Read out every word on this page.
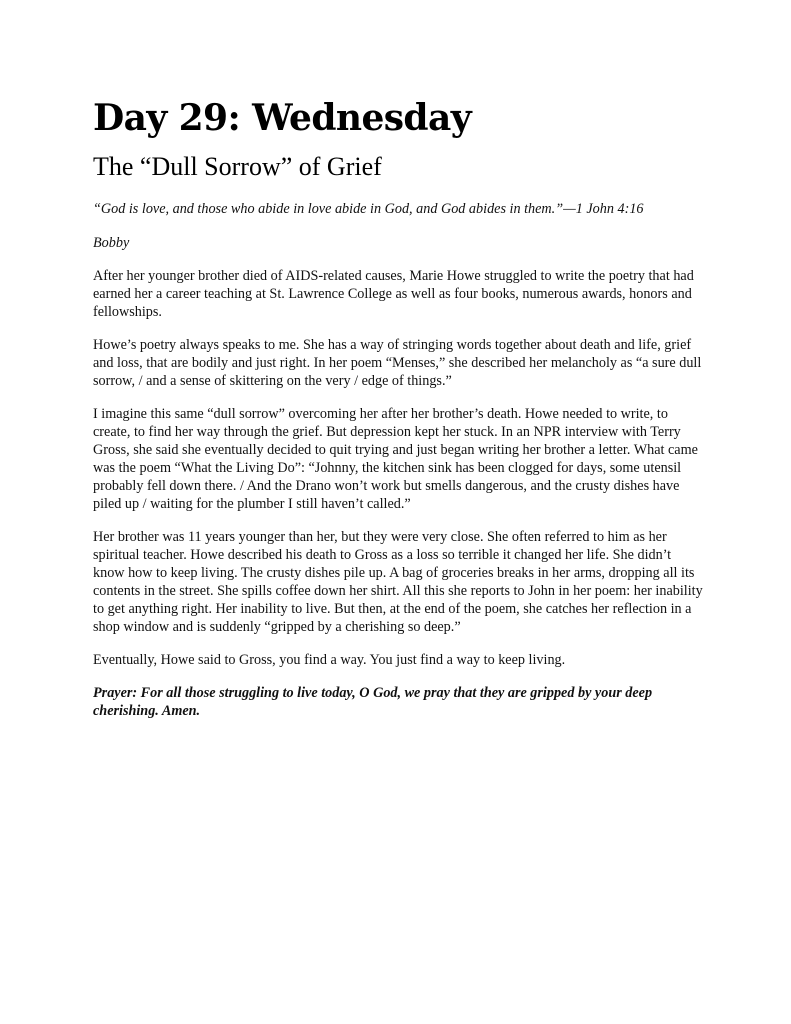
Day 29: Wednesday
The “Dull Sorrow” of Grief

“God is love, and those who abide in love abide in God, and God abides in them.”—1 John 4:16

Bobby

After her younger brother died of AIDS-related causes, Marie Howe struggled to write the poetry that had earned her a career teaching at St. Lawrence College as well as four books, numerous awards, honors and fellowships.

Howe’s poetry always speaks to me. She has a way of stringing words together about death and life, grief and loss, that are bodily and just right. In her poem “Menses,” she described her melancholy as “a sure dull sorrow, / and a sense of skittering on the very / edge of things.”

I imagine this same “dull sorrow” overcoming her after her brother’s death. Howe needed to write, to create, to find her way through the grief. But depression kept her stuck. In an NPR interview with Terry Gross, she said she eventually decided to quit trying and just began writing her brother a letter. What came was the poem “What the Living Do”: “Johnny, the kitchen sink has been clogged for days, some utensil probably fell down there. / And the Drano won’t work but smells dangerous, and the crusty dishes have piled up / waiting for the plumber I still haven’t called.”

Her brother was 11 years younger than her, but they were very close. She often referred to him as her spiritual teacher. Howe described his death to Gross as a loss so terrible it changed her life. She didn’t know how to keep living. The crusty dishes pile up. A bag of groceries breaks in her arms, dropping all its contents in the street. She spills coffee down her shirt. All this she reports to John in her poem: her inability to get anything right. Her inability to live. But then, at the end of the poem, she catches her reflection in a shop window and is suddenly “gripped by a cherishing so deep.”

Eventually, Howe said to Gross, you find a way. You just find a way to keep living.

Prayer: For all those struggling to live today, O God, we pray that they are gripped by your deep cherishing. Amen.
